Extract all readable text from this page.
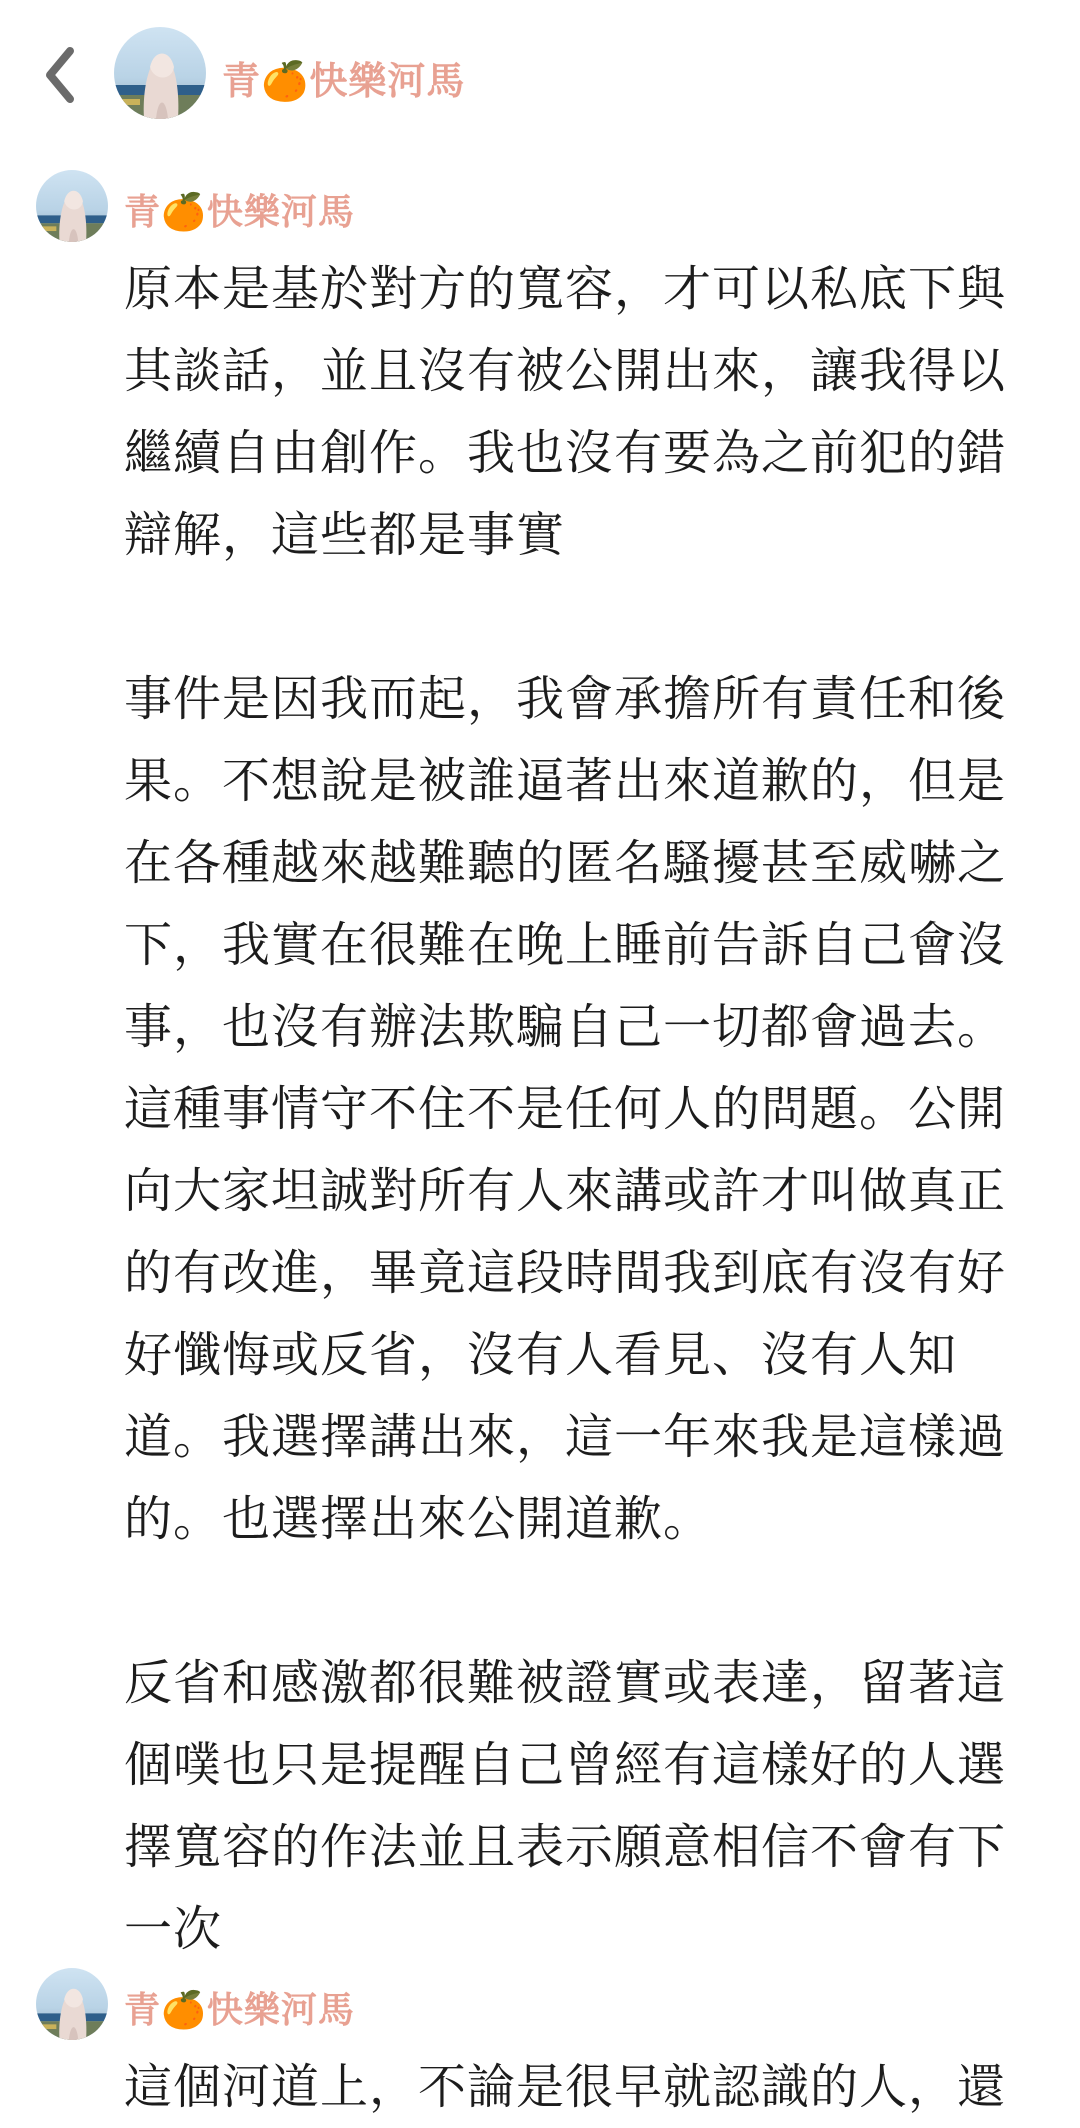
青🍊快樂河馬
青🍊快樂河馬

原本是基於對方的寬容，才可以私底下與其談話，並且沒有被公開出來，讓我得以繼續自由創作。我也沒有要為之前犯的錯辯解，這些都是事實

事件是因我而起，我會承擔所有責任和後果。不想說是被誰逼著出來道歉的，但是在各種越來越難聽的匿名騷擾甚至威嚇之下，我實在很難在晚上睡前告訴自己會沒事，也沒有辦法欺騙自己一切都會過去。這種事情守不住不是任何人的問題。公開向大家坦誠對所有人來講或許才叫做真正的有改進，畢竟這段時間我到底有沒有好好懺悔或反省，沒有人看見、沒有人知道。我選擇講出來，這一年來我是這樣過的。也選擇出來公開道歉。

反省和感激都很難被證實或表達，留著這個噗也只是提醒自己曾經有這樣好的人選擇寬容的作法並且表示願意相信不會有下一次

青🍊快樂河馬
這個河道上，不論是很早就認識的人，還
